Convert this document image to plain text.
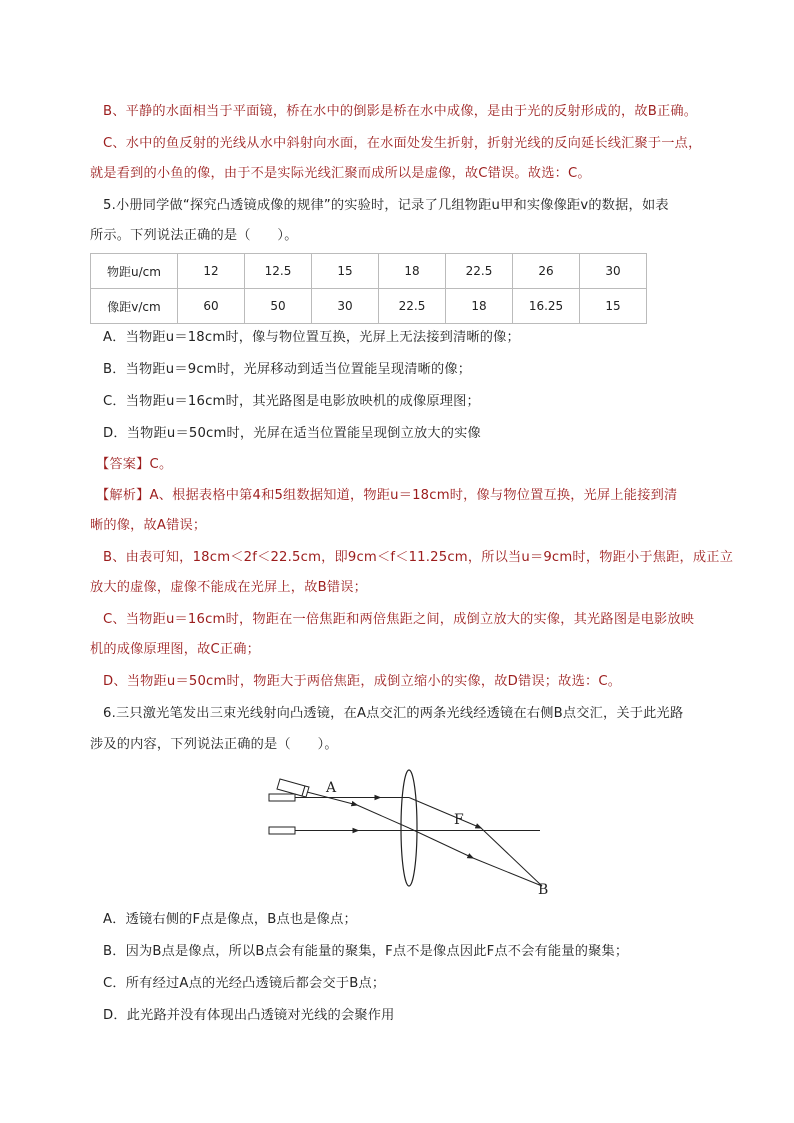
B、平静的水面相当于平面镜，桥在水中的倒影是桥在水中成像，是由于光的反射形成的，故B正确。
C、水中的鱼反射的光线从水中斜射向水面，在水面处发生折射，折射光线的反向延长线汇聚于一点，
就是看到的小鱼的像，由于不是实际光线汇聚而成所以是虚像，故C错误。故选：C。
5.小册同学做“探究凸透镜成像的规律”的实验时，记录了几组物距u甲和实像像距v的数据，如表
所示。下列说法正确的是（　　）。
物距u/cm	12	12.5	15	18	22.5	26	30
像距v/cm	60	50	30	22.5	18	16.25	15
A．当物距u＝18cm时，像与物位置互换，光屏上无法接到清晰的像；
B．当物距u＝9cm时，光屏移动到适当位置能呈现清晰的像；
C．当物距u＝16cm时，其光路图是电影放映机的成像原理图；
D．当物距u＝50cm时，光屏在适当位置能呈现倒立放大的实像
【答案】C。
【解析】A、根据表格中第4和5组数据知道，物距u＝18cm时，像与物位置互换，光屏上能接到清
晰的像，故A错误；
B、由表可知，18cm＜2f＜22.5cm，即9cm＜f＜11.25cm，所以当u＝9cm时，物距小于焦距，成正立
放大的虚像，虚像不能成在光屏上，故B错误；
C、当物距u＝16cm时，物距在一倍焦距和两倍焦距之间，成倒立放大的实像，其光路图是电影放映
机的成像原理图，故C正确；
D、当物距u＝50cm时，物距大于两倍焦距，成倒立缩小的实像，故D错误；故选：C。
6.三只激光笔发出三束光线射向凸透镜，在A点交汇的两条光线经透镜在右侧B点交汇，关于此光路
涉及的内容，下列说法正确的是（　　）。
A
F
B
A．透镜右侧的F点是像点，B点也是像点；
B．因为B点是像点，所以B点会有能量的聚集，F点不是像点因此F点不会有能量的聚集；
C．所有经过A点的光经凸透镜后都会交于B点；
D．此光路并没有体现出凸透镜对光线的会聚作用
